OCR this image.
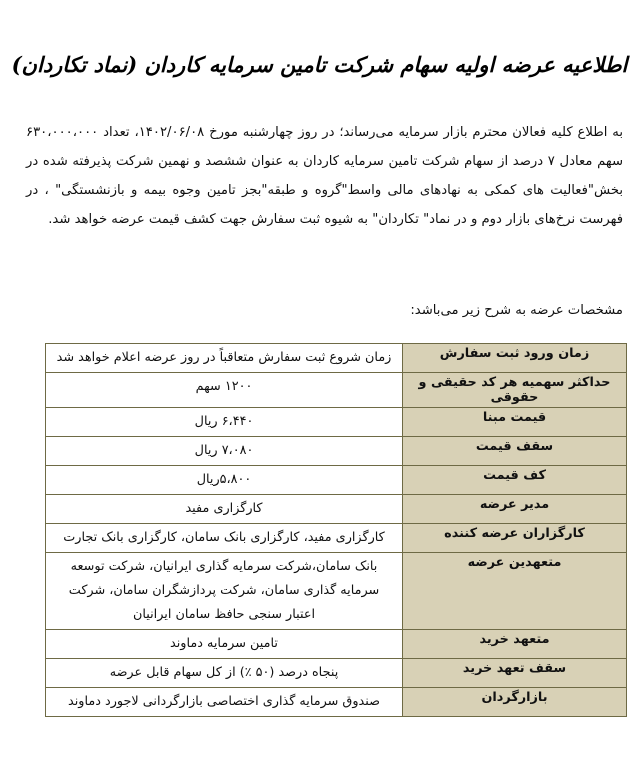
اطلاعیه عرضه اولیه سهام شرکت تامین سرمایه کاردان (نماد تکاردان)

به اطلاع کلیه فعالان محترم بازار سرمایه می‌رساند؛ در روز چهارشنبه مورخ ۱۴۰۲/۰۶/۰۸، تعداد ۶۳۰،۰۰۰،۰۰۰ سهم معادل ۷ درصد از سهام شرکت تامین سرمایه کاردان به عنوان ششصد و نهمین شرکت پذیرفته شده در بخش"فعالیت های کمکی به نهادهای مالی واسط"گروه و طبقه"بجز تامین وجوه بیمه و بازنشستگی" ، در فهرست نرخ‌های بازار دوم و در نماد" تکاردان" به شیوه ثبت سفارش جهت کشف قیمت عرضه خواهد شد.

مشخصات عرضه به شرح زیر می‌باشد:
زمان ورود ثبت سفارش	زمان شروع ثبت سفارش متعاقباً در روز عرضه اعلام خواهد شد
حداکثر سهمیه هر کد حقیقی و حقوقی	۱۲۰۰ سهم
قیمت مبنا	۶،۴۴۰ ریال
سقف قیمت	۷،۰۸۰ ریال
کف قیمت	۵،۸۰۰ریال
مدیر عرضه	کارگزاری مفید
کارگزاران عرضه کننده	کارگزاری مفید، کارگزاری بانک سامان، کارگزاری بانک تجارت
متعهدین عرضه	بانک سامان،شرکت سرمایه گذاری ایرانیان، شرکت توسعه سرمایه گذاری سامان، شرکت پردازشگران سامان، شرکت اعتبار سنجی حافظ سامان ایرانیان
متعهد خرید	تامین سرمایه دماوند
سقف تعهد خرید	پنجاه درصد (۵۰ ٪) از کل سهام قابل عرضه
بازارگردان	صندوق سرمایه گذاری اختصاصی بازارگردانی لاجورد دماوند
